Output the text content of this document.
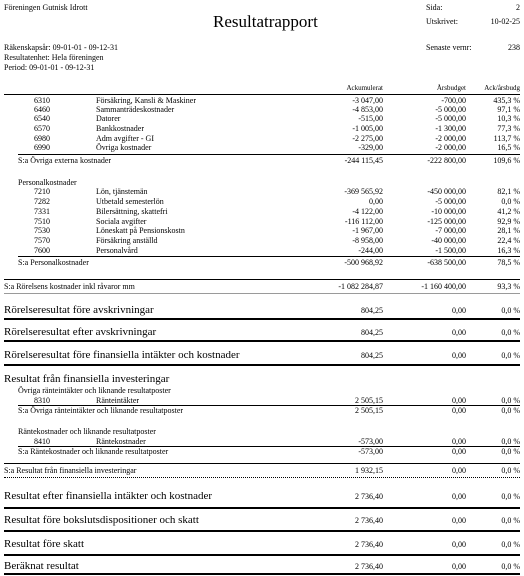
Föreningen Gutnisk Idrott
Resultatrapport
Sida:	2
Utskrivet:	10-02-25
Räkenskapsår: 09-01-01 - 09-12-31
Resultatenhet: Hela föreningen
Period: 09-01-01 - 09-12-31
Senaste vernr:	238
Ackumulerat	Årsbudget	Ack/årsbudg
6310	Försäkring, Kansli & Maskiner	-3 047,00	-700,00	435,3 %
6460	Sammanträdeskostnader	-4 853,00	-5 000,00	97,1 %
6540	Datorer	-515,00	-5 000,00	10,3 %
6570	Bankkostnader	-1 005,00	-1 300,00	77,3 %
6980	Adm avgifter - GI	-2 275,00	-2 000,00	113,7 %
6990	Övriga kostnader	-329,00	-2 000,00	16,5 %
S:a Övriga externa kostnader	-244 115,45	-222 800,00	109,6 %
Personalkostnader
7210	Lön, tjänstemän	-369 565,92	-450 000,00	82,1 %
7282	Utbetald semesterlön	0,00	-5 000,00	0,0 %
7331	Bilersättning, skattefri	-4 122,00	-10 000,00	41,2 %
7510	Sociala avgifter	-116 112,00	-125 000,00	92,9 %
7530	Löneskatt på Pensionskostn	-1 967,00	-7 000,00	28,1 %
7570	Försäkring anställd	-8 958,00	-40 000,00	22,4 %
7600	Personalvård	-244,00	-1 500,00	16,3 %
S:a Personalkostnader	-500 968,92	-638 500,00	78,5 %
S:a Rörelsens kostnader inkl råvaror mm	-1 082 284,87	-1 160 400,00	93,3 %
Rörelseresultat före avskrivningar	804,25	0,00	0,0 %
Rörelseresultat efter avskrivningar	804,25	0,00	0,0 %
Rörelseresultat före finansiella intäkter och kostnader	804,25	0,00	0,0 %
Resultat från finansiella investeringar
Övriga ränteintäkter och liknande resultatposter
8310	Ränteintäkter	2 505,15	0,00	0,0 %
S:a Övriga ränteintäkter och liknande resultatposter	2 505,15	0,00	0,0 %
Räntekostnader och liknande resultatposter
8410	Räntekostnader	-573,00	0,00	0,0 %
S:a Räntekostnader och liknande resultatposter	-573,00	0,00	0,0 %
S:a Resultat från finansiella investeringar	1 932,15	0,00	0,0 %
Resultat efter finansiella intäkter och kostnader	2 736,40	0,00	0,0 %
Resultat före bokslutsdispositioner och skatt	2 736,40	0,00	0,0 %
Resultat före skatt	2 736,40	0,00	0,0 %
Beräknat resultat	2 736,40	0,00	0,0 %
